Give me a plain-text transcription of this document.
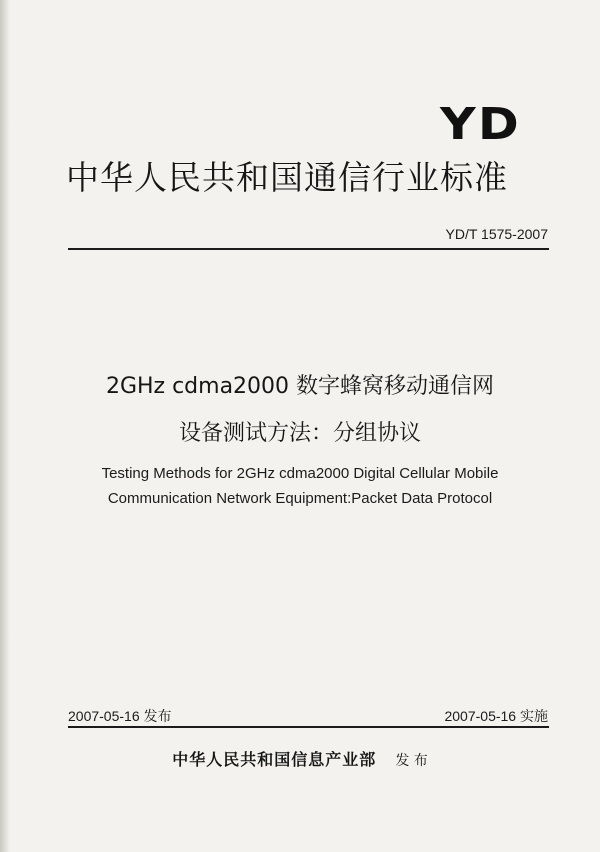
YD
中华人民共和国通信行业标准
YD/T 1575-2007
2GHz cdma2000 数字蜂窝移动通信网
设备测试方法：分组协议
Testing Methods for 2GHz cdma2000 Digital Cellular Mobile
Communication Network Equipment:Packet Data Protocol
2007-05-16 发布	2007-05-16 实施
中华人民共和国信息产业部 发 布
